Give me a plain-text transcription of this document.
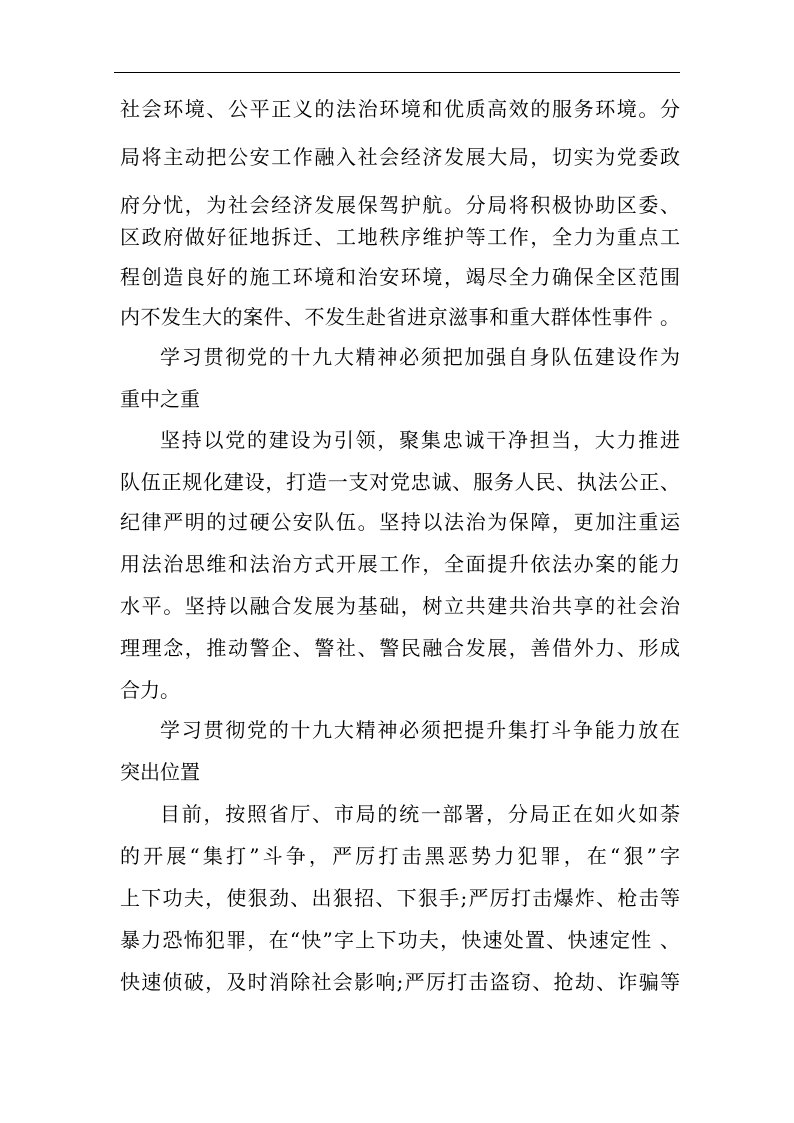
社会环境、公平正义的法治环境和优质高效的服务环境。分
局将主动把公安工作融入社会经济发展大局，切实为党委政
府分忧，为社会经济发展保驾护航。分局将积极协助区委、
区政府做好征地拆迁、工地秩序维护等工作，全力为重点工
程创造良好的施工环境和治安环境，竭尽全力确保全区范围
内不发生大的案件、不发生赴省进京滋事和重大群体性事件 。
学习贯彻党的十九大精神必须把加强自身队伍建设作为
重中之重
坚持以党的建设为引领，聚集忠诚干净担当，大力推进
队伍正规化建设，打造一支对党忠诚、服务人民、执法公正、
纪律严明的过硬公安队伍。坚持以法治为保障，更加注重运
用法治思维和法治方式开展工作，全面提升依法办案的能力
水平。坚持以融合发展为基础，树立共建共治共享的社会治
理理念，推动警企、警社、警民融合发展，善借外力、形成
合力。
学习贯彻党的十九大精神必须把提升集打斗争能力放在
突出位置
目前，按照省厅、市局的统一部署，分局正在如火如荼
的开展“集打”斗争，严厉打击黑恶势力犯罪，在“狠”字
上下功夫，使狠劲、出狠招、下狠手;严厉打击爆炸、枪击等
暴力恐怖犯罪，在“快”字上下功夫，快速处置、快速定性 、
快速侦破，及时消除社会影响;严厉打击盗窃、抢劫、诈骗等
